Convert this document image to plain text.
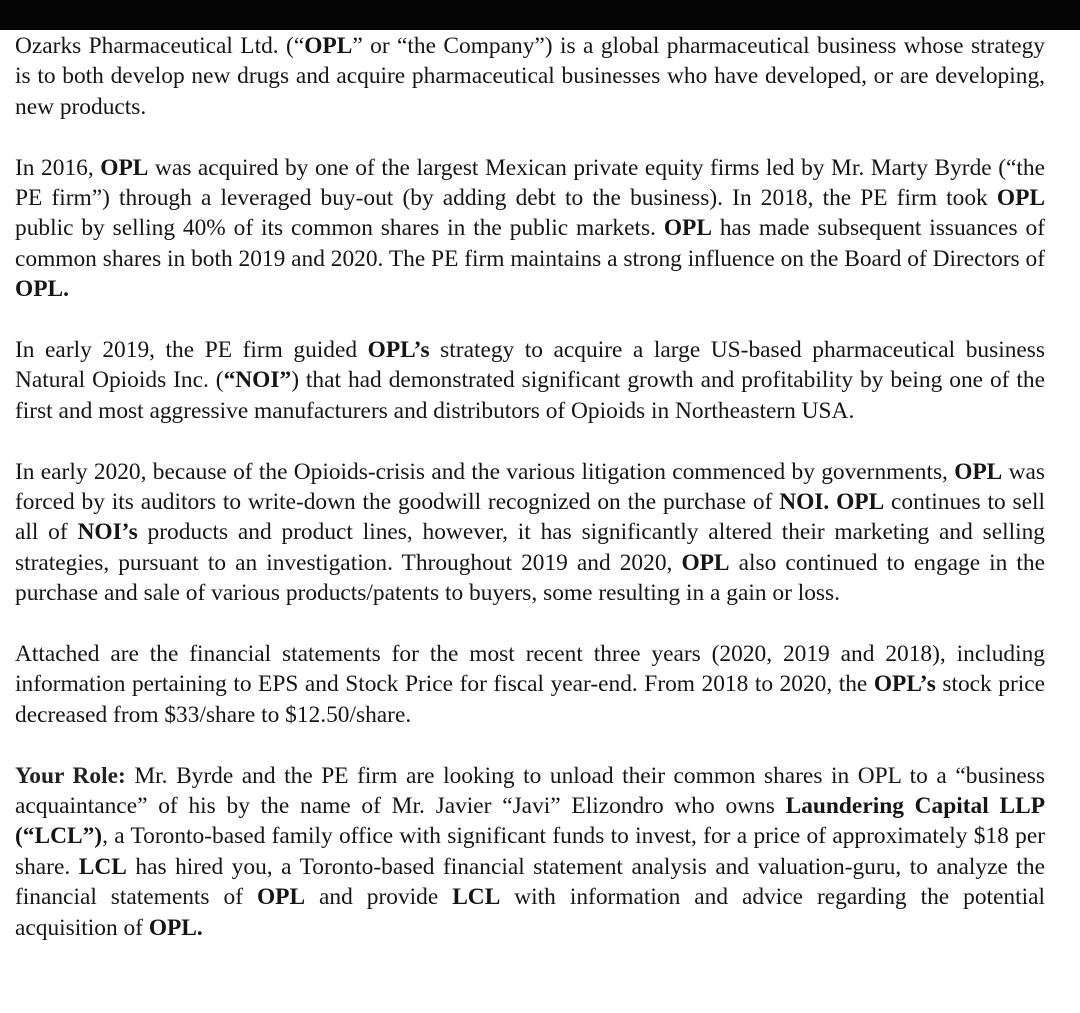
Ozarks Pharmaceutical Ltd. (“OPL” or “the Company”) is a global pharmaceutical business whose strategy is to both develop new drugs and acquire pharmaceutical businesses who have developed, or are developing, new products.

In 2016, OPL was acquired by one of the largest Mexican private equity firms led by Mr. Marty Byrde (“the PE firm”) through a leveraged buy-out (by adding debt to the business). In 2018, the PE firm took OPL public by selling 40% of its common shares in the public markets. OPL has made subsequent issuances of common shares in both 2019 and 2020. The PE firm maintains a strong influence on the Board of Directors of OPL.

In early 2019, the PE firm guided OPL’s strategy to acquire a large US-based pharmaceutical business Natural Opioids Inc. (“NOI”) that had demonstrated significant growth and profitability by being one of the first and most aggressive manufacturers and distributors of Opioids in Northeastern USA.

In early 2020, because of the Opioids-crisis and the various litigation commenced by governments, OPL was forced by its auditors to write-down the goodwill recognized on the purchase of NOI. OPL continues to sell all of NOI’s products and product lines, however, it has significantly altered their marketing and selling strategies, pursuant to an investigation. Throughout 2019 and 2020, OPL also continued to engage in the purchase and sale of various products/patents to buyers, some resulting in a gain or loss.

Attached are the financial statements for the most recent three years (2020, 2019 and 2018), including information pertaining to EPS and Stock Price for fiscal year-end. From 2018 to 2020, the OPL’s stock price decreased from $33/share to $12.50/share.

Your Role: Mr. Byrde and the PE firm are looking to unload their common shares in OPL to a “business acquaintance” of his by the name of Mr. Javier “Javi” Elizondro who owns Laundering Capital LLP (“LCL”), a Toronto-based family office with significant funds to invest, for a price of approximately $18 per share. LCL has hired you, a Toronto-based financial statement analysis and valuation-guru, to analyze the financial statements of OPL and provide LCL with information and advice regarding the potential acquisition of OPL.
